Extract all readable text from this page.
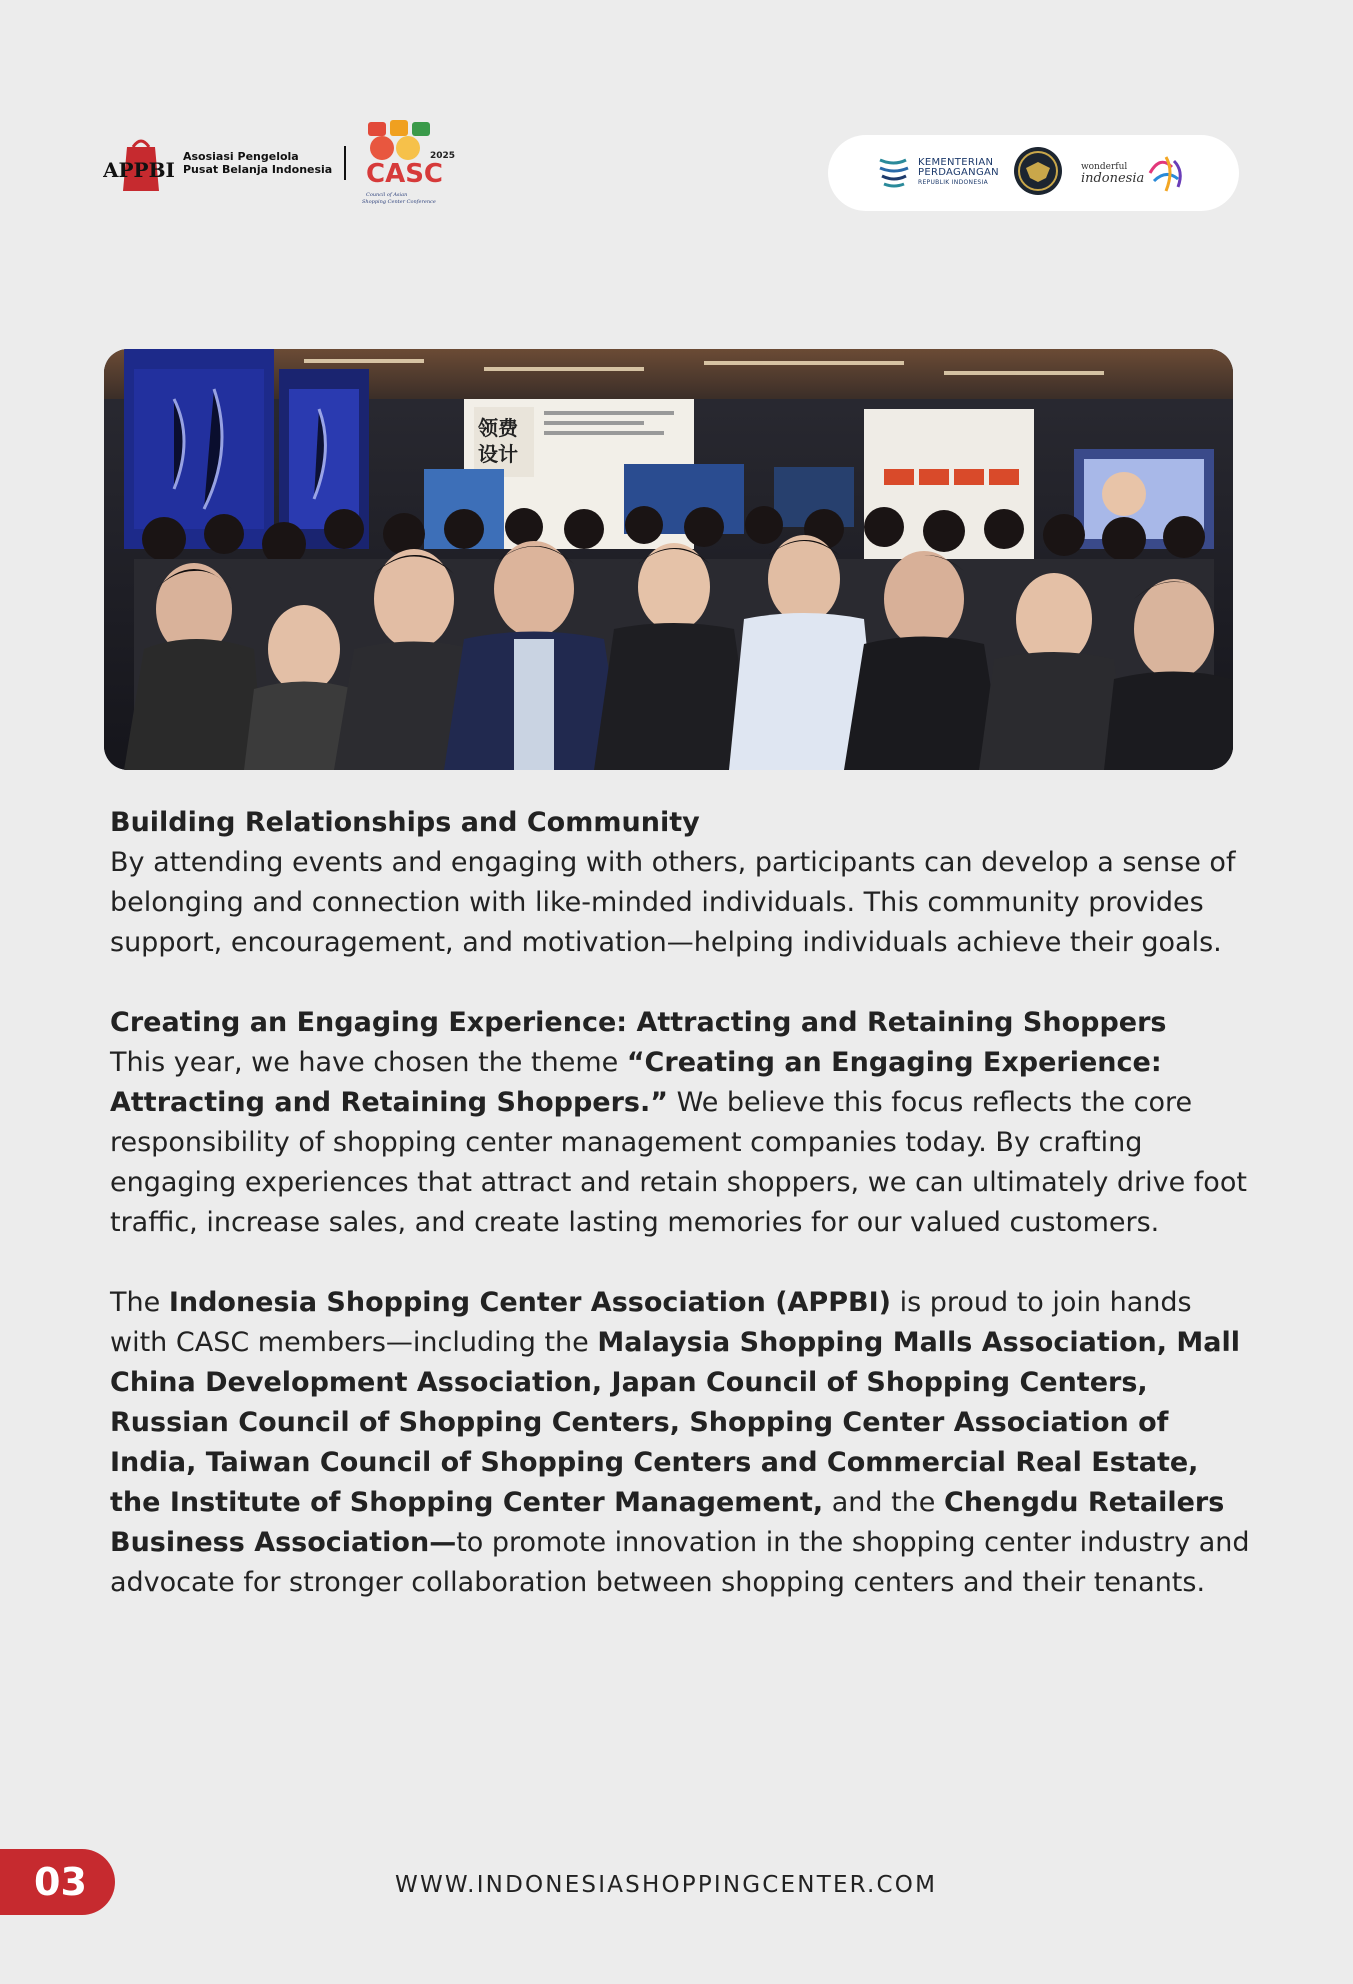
APPBI
Asosiasi Pengelola
Pusat Belanja Indonesia CASC
2025
Council of Asian
Shopping Center Conference
KEMENTERIAN
PERDAGANGAN
REPUBLIK INDONESIA
wonderful
indonesia
领费
设计

Building Relationships and Community
By attending events and engaging with others, participants can develop a sense of belonging and connection with like-minded individuals. This community provides support, encouragement, and motivation—helping individuals achieve their goals.

Creating an Engaging Experience: Attracting and Retaining Shoppers
This year, we have chosen the theme “Creating an Engaging Experience: Attracting and Retaining Shoppers.” We believe this focus reflects the core responsibility of shopping center management companies today. By crafting engaging experiences that attract and retain shoppers, we can ultimately drive foot traffic, increase sales, and create lasting memories for our valued customers.

The Indonesia Shopping Center Association (APPBI) is proud to join hands with CASC members—including the Malaysia Shopping Malls Association, Mall China Development Association, Japan Council of Shopping Centers, Russian Council of Shopping Centers, Shopping Center Association of India, Taiwan Council of Shopping Centers and Commercial Real Estate, the Institute of Shopping Center Management, and the Chengdu Retailers Business Association—to promote innovation in the shopping center industry and advocate for stronger collaboration between shopping centers and their tenants.

03	WWW.INDONESIASHOPPINGCENTER.COM
